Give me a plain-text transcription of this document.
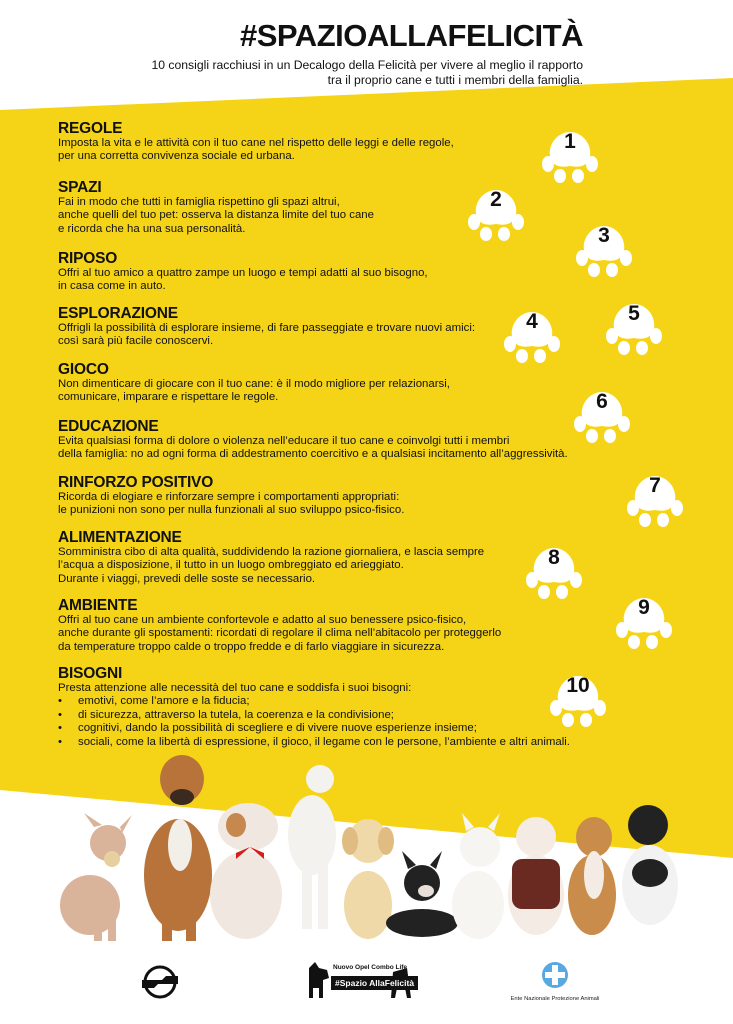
#SPAZIOALLAFELICITÀ
10 consigli racchiusi in un Decalogo della Felicità per vivere al meglio il rapporto
tra il proprio cane e tutti i membri della famiglia.
REGOLE
Imposta la vita e le attività con il tuo cane nel rispetto delle leggi e delle regole,
per una corretta convivenza sociale ed urbana.
SPAZI
Fai in modo che tutti in famiglia rispettino gli spazi altrui,
anche quelli del tuo pet: osserva la distanza limite del tuo cane
e ricorda che ha una sua personalità.
RIPOSO
Offri al tuo amico a quattro zampe un luogo e tempi adatti al suo bisogno,
in casa come in auto.
ESPLORAZIONE
Offrigli la possibilità di esplorare insieme, di fare passeggiate e trovare nuovi amici:
così sarà più facile conoscervi.
GIOCO
Non dimenticare di giocare con il tuo cane: è il modo migliore per relazionarsi,
comunicare, imparare e rispettare le regole.
EDUCAZIONE
Evita qualsiasi forma di dolore o violenza nell’educare il tuo cane e coinvolgi tutti i membri
della famiglia: no ad ogni forma di addestramento coercitivo e a qualsiasi incitamento all’aggressività.
RINFORZO POSITIVO
Ricorda di elogiare e rinforzare sempre i comportamenti appropriati:
le punizioni non sono per nulla funzionali al suo sviluppo psico-fisico.
ALIMENTAZIONE
Somministra cibo di alta qualità, suddividendo la razione giornaliera, e lascia sempre
l’acqua a disposizione, il tutto in un luogo ombreggiato ed arieggiato.
Durante i viaggi, prevedi delle soste se necessario.
AMBIENTE
Offri al tuo cane un ambiente confortevole e adatto al suo benessere psico-fisico,
anche durante gli spostamenti: ricordati di regolare il clima nell’abitacolo per proteggerlo
da temperature troppo calde o troppo fredde e di farlo viaggiare in sicurezza.
BISOGNI
Presta attenzione alle necessità del tuo cane e soddisfa i suoi bisogni:
• emotivi, come l’amore e la fiducia;
• di sicurezza, attraverso la tutela, la coerenza e la condivisione;
• cognitivi, dando la possibilità di scegliere e di vivere nuove esperienze insieme;
• sociali, come la libertà di espressione, il gioco, il legame con le persone, l’ambiente e altri animali.
1
2
3
4	5
6
7
8
9
10
Nuovo Opel Combo Life
#Spazio AllaFelicità
Ente Nazionale Protezione Animali
